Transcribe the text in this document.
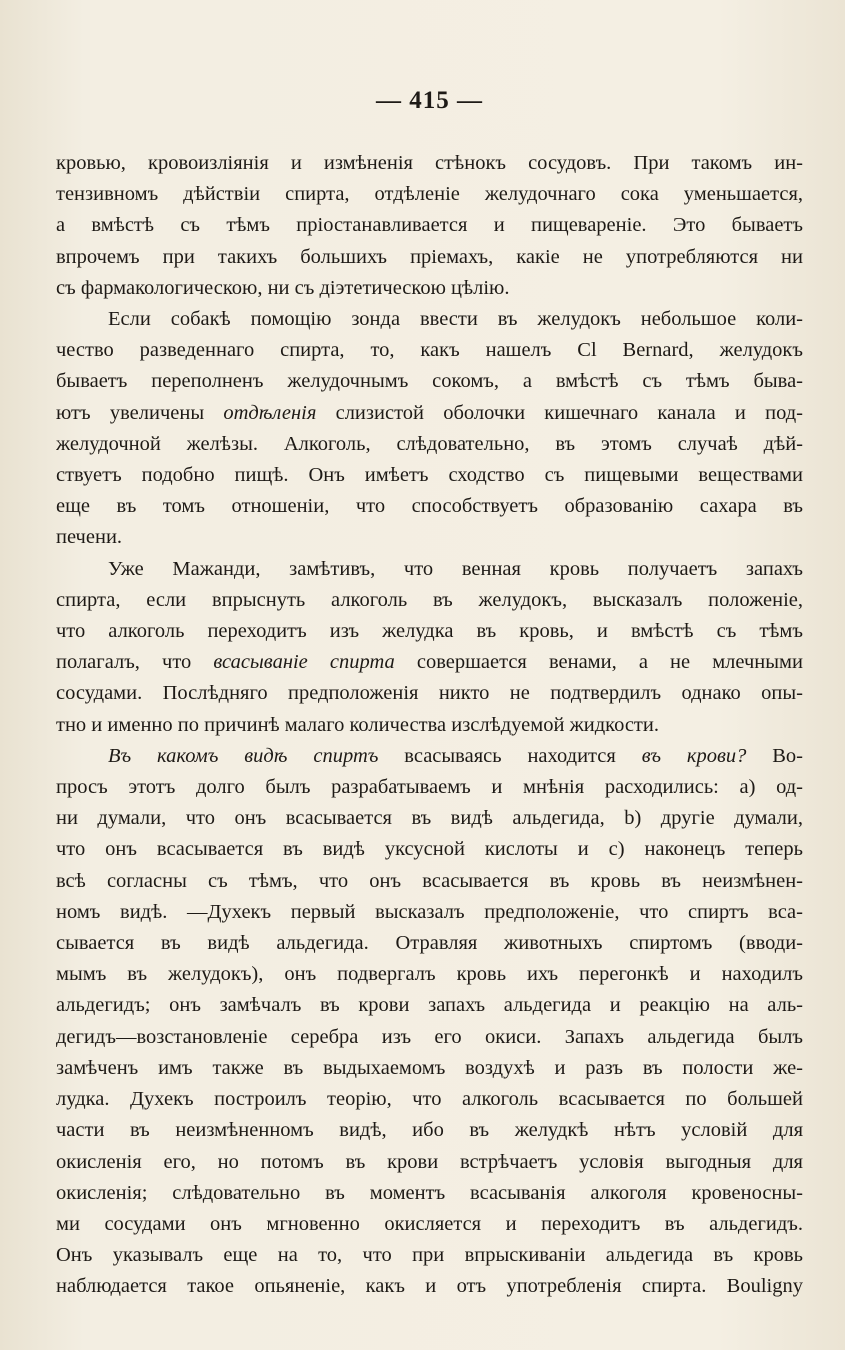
— 415 —

кровью, кровоизлiянiя и измѣненiя стѣнокъ сосудовъ. При такомъ ин-
тензивномъ дѣйствiи спирта, отдѣленiе желудочнаго сока уменьшается,
а вмѣстѣ съ тѣмъ прiостанавливается и пищеваренiе. Это бываетъ
впрочемъ при такихъ большихъ прiемахъ, какiе не употребляются ни
съ фармакологическою, ни съ дiэтетическою цѣлiю.

Если собакѣ помощiю зонда ввести въ желудокъ небольшое коли-
чество разведеннаго спирта, то, какъ нашелъ Cl Bernard, желудокъ
бываетъ переполненъ желудочнымъ сокомъ, а вмѣстѣ съ тѣмъ быва-
ютъ увеличены отдѣленiя слизистой оболочки кишечнаго канала и под-
желудочной желѣзы. Алкоголь, слѣдовательно, въ этомъ случаѣ дѣй-
ствуетъ подобно пищѣ. Онъ имѣетъ сходство съ пищевыми веществами
еще въ томъ отношенiи, что способствуетъ образованiю сахара въ
печени.

Уже Мажанди, замѣтивъ, что венная кровь получаетъ запахъ
спирта, если впрыснуть алкоголь въ желудокъ, высказалъ положенiе,
что алкоголь переходитъ изъ желудка въ кровь, и вмѣстѣ съ тѣмъ
полагалъ, что всасыванiе спирта совершается венами, а не млечными
сосудами. Послѣдняго предположенiя никто не подтвердилъ однако опы-
тно и именно по причинѣ малаго количества изслѣдуемой жидкости.

Въ какомъ видѣ спиртъ всасываясь находится въ крови? Во-
просъ этотъ долго былъ разрабатываемъ и мнѣнiя расходились: a) од-
ни думали, что онъ всасывается въ видѣ альдегида, b) другiе думали,
что онъ всасывается въ видѣ уксусной кислоты и c) наконецъ теперь
всѣ согласны съ тѣмъ, что онъ всасывается въ кровь въ неизмѣнен-
номъ видѣ. —Духекъ первый высказалъ предположенiе, что спиртъ вса-
сывается въ видѣ альдегида. Отравляя животныхъ спиртомъ (вводи-
мымъ въ желудокъ), онъ подвергалъ кровь ихъ перегонкѣ и находилъ
альдегидъ; онъ замѣчалъ въ крови запахъ альдегида и реакцiю на аль-
дегидъ—возстановленiе серебра изъ его окиси. Запахъ альдегида былъ
замѣченъ имъ также въ выдыхаемомъ воздухѣ и разъ въ полости же-
лудка. Духекъ построилъ теорiю, что алкоголь всасывается по большей
части въ неизмѣненномъ видѣ, ибо въ желудкѣ нѣтъ условiй для
окисленiя его, но потомъ въ крови встрѣчаетъ условiя выгодныя для
окисленiя; слѣдовательно въ моментъ всасыванiя алкоголя кровеносны-
ми сосудами онъ мгновенно окисляется и переходитъ въ альдегидъ.
Онъ указывалъ еще на то, что при впрыскиванiи альдегида въ кровь
наблюдается такое опьяненiе, какъ и отъ употребленiя спирта. Bouligny
